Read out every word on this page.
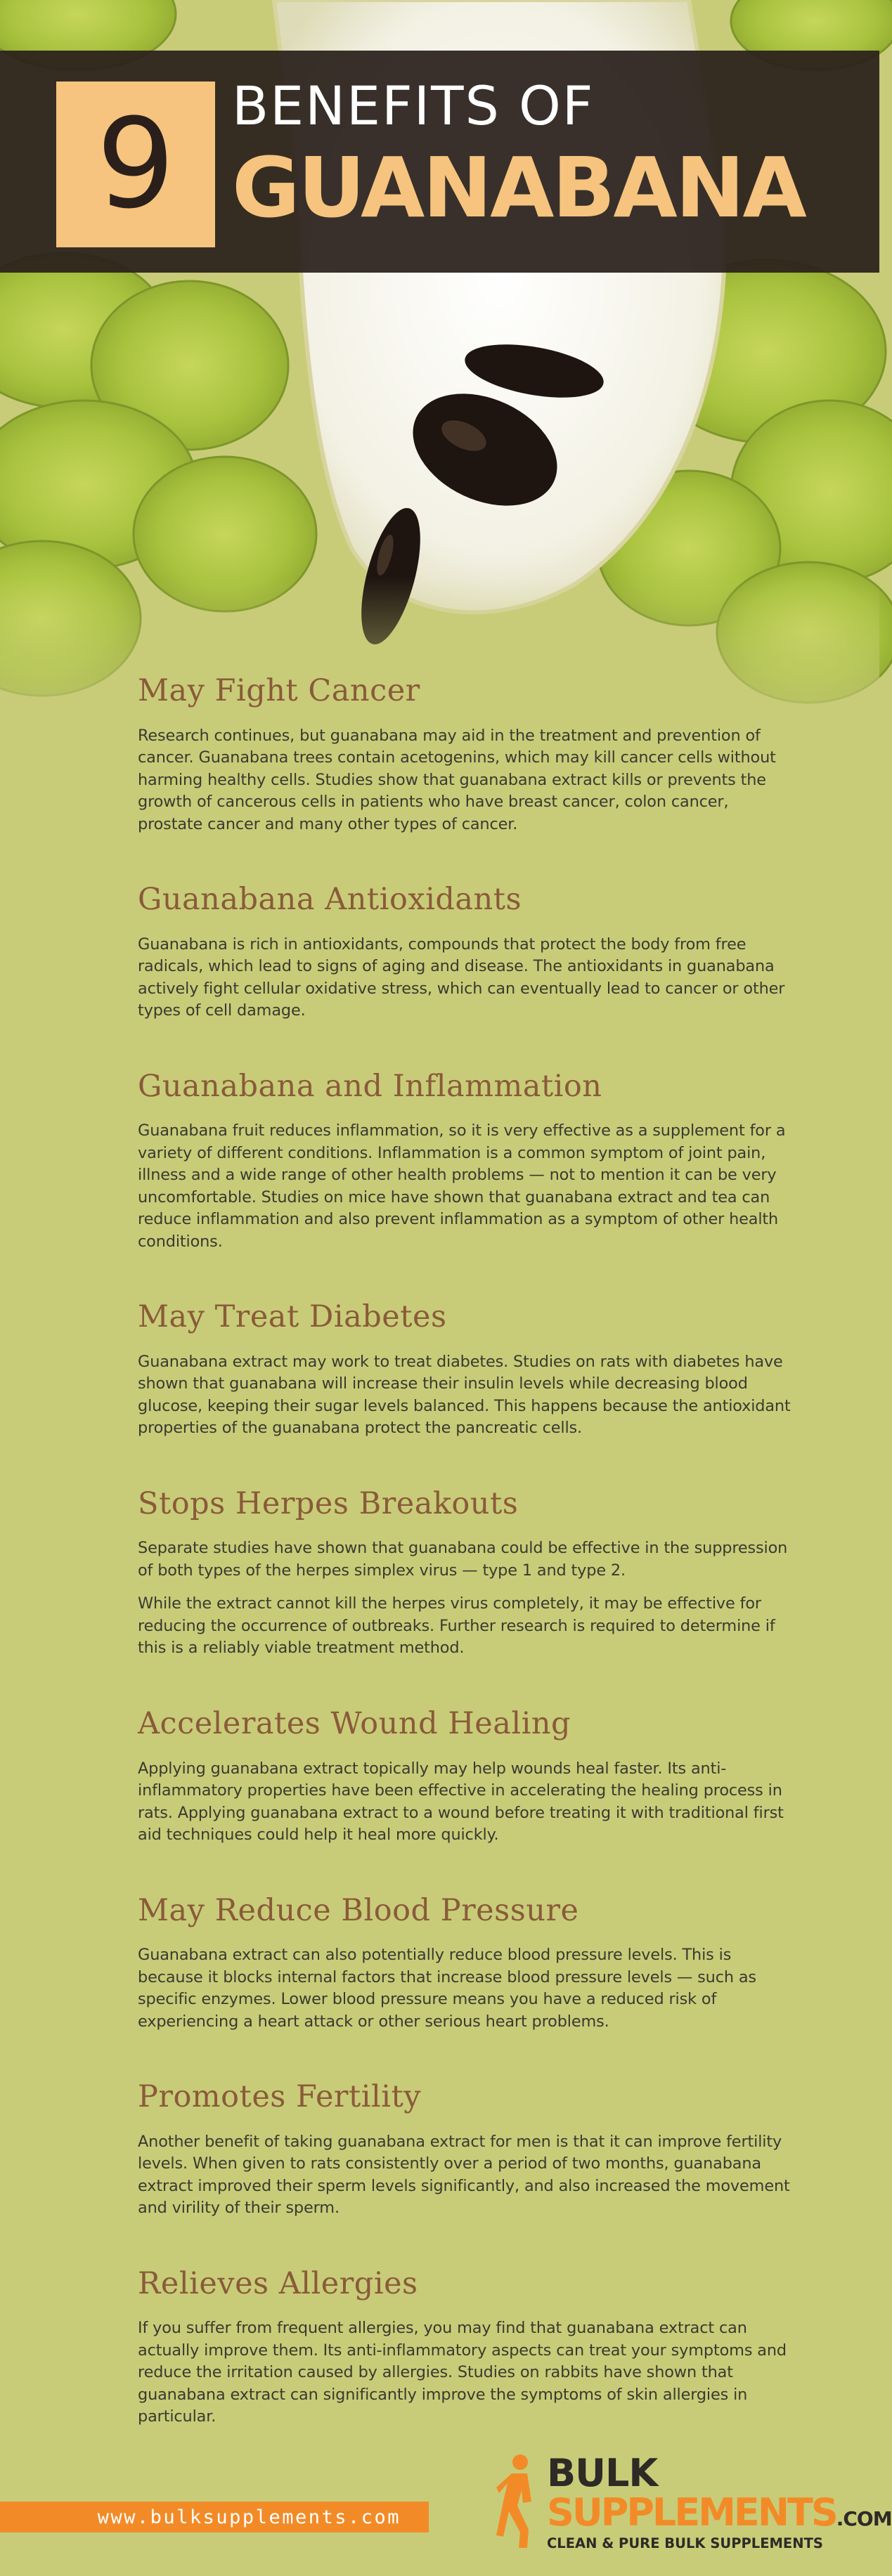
9 BENEFITS OF
GUANABANA
May Fight Cancer

Research continues, but guanabana may aid in the treatment and prevention of cancer. Guanabana trees contain acetogenins, which may kill cancer cells without harming healthy cells. Studies show that guanabana extract kills or prevents the growth of cancerous cells in patients who have breast cancer, colon cancer, prostate cancer and many other types of cancer.

Guanabana Antioxidants

Guanabana is rich in antioxidants, compounds that protect the body from free radicals, which lead to signs of aging and disease. The antioxidants in guanabana actively fight cellular oxidative stress, which can eventually lead to cancer or other types of cell damage.

Guanabana and Inflammation

Guanabana fruit reduces inflammation, so it is very effective as a supplement for a variety of different conditions. Inflammation is a common symptom of joint pain, illness and a wide range of other health problems — not to mention it can be very uncomfortable. Studies on mice have shown that guanabana extract and tea can reduce inflammation and also prevent inflammation as a symptom of other health conditions.

May Treat Diabetes

Guanabana extract may work to treat diabetes. Studies on rats with diabetes have shown that guanabana will increase their insulin levels while decreasing blood glucose, keeping their sugar levels balanced. This happens because the antioxidant properties of the guanabana protect the pancreatic cells.

Stops Herpes Breakouts

Separate studies have shown that guanabana could be effective in the suppression of both types of the herpes simplex virus — type 1 and type 2.

While the extract cannot kill the herpes virus completely, it may be effective for reducing the occurrence of outbreaks. Further research is required to determine if this is a reliably viable treatment method.

Accelerates Wound Healing

Applying guanabana extract topically may help wounds heal faster. Its anti-inflammatory properties have been effective in accelerating the healing process in rats. Applying guanabana extract to a wound before treating it with traditional first aid techniques could help it heal more quickly.

May Reduce Blood Pressure

Guanabana extract can also potentially reduce blood pressure levels. This is because it blocks internal factors that increase blood pressure levels — such as specific enzymes. Lower blood pressure means you have a reduced risk of experiencing a heart attack or other serious heart problems.

Promotes Fertility

Another benefit of taking guanabana extract for men is that it can improve fertility levels. When given to rats consistently over a period of two months, guanabana extract improved their sperm levels significantly, and also increased the movement and virility of their sperm.

Relieves Allergies

If you suffer from frequent allergies, you may find that guanabana extract can actually improve them. Its anti-inflammatory aspects can treat your symptoms and reduce the irritation caused by allergies. Studies on rabbits have shown that guanabana extract can significantly improve the symptoms of skin allergies in particular.

www.bulksupplements.com
BULK
SUPPLEMENTS.COM
CLEAN & PURE BULK SUPPLEMENTS
